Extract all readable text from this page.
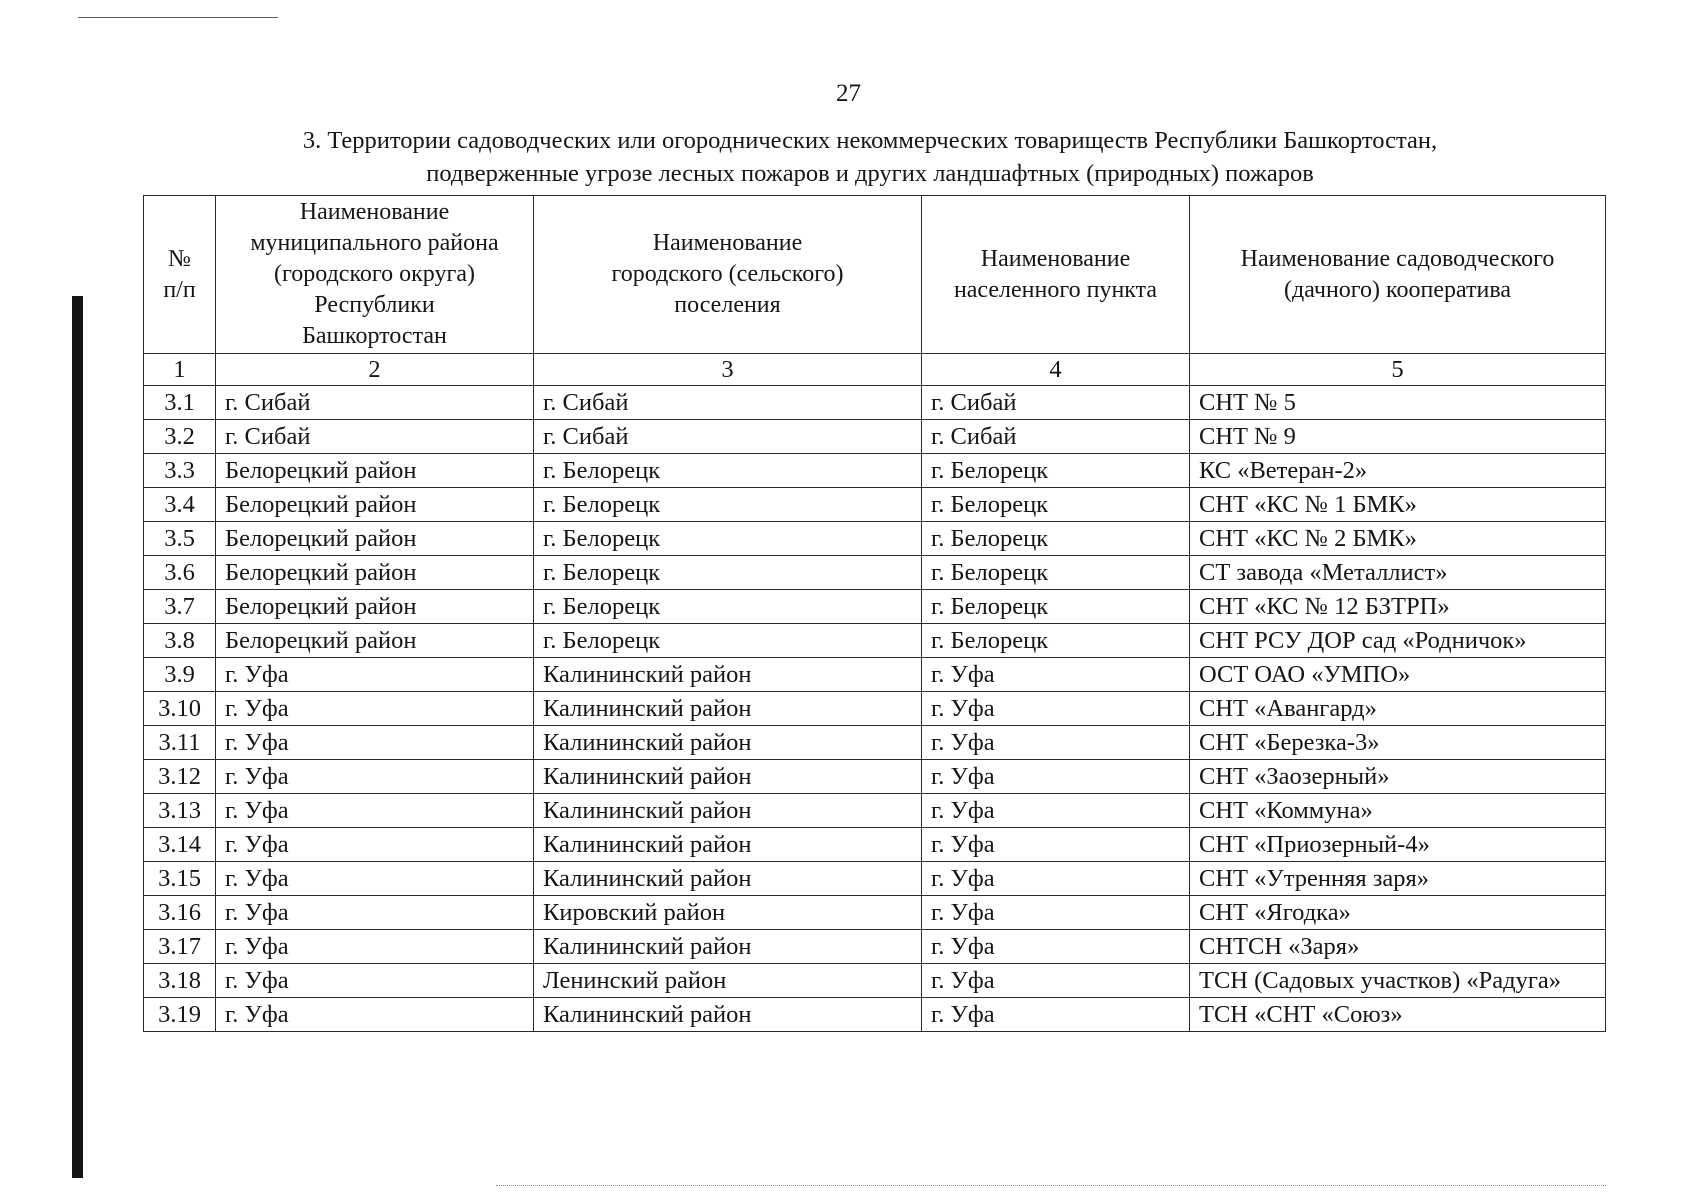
27
3. Территории садоводческих или огороднических некоммерческих товариществ Республики Башкортостан,
подверженные угрозе лесных пожаров и других ландшафтных (природных) пожаров
№
п/п	Наименование
муниципального района
(городского округа)
Республики
Башкортостан	Наименование
городского (сельского)
поселения	Наименование
населенного пункта	Наименование садоводческого
(дачного) кооператива

1	2	3	4	5
3.1	г. Сибай	г. Сибай	г. Сибай	СНТ № 5
3.2	г. Сибай	г. Сибай	г. Сибай	СНТ № 9
3.3	Белорецкий район	г. Белорецк	г. Белорецк	КС «Ветеран-2»
3.4	Белорецкий район	г. Белорецк	г. Белорецк	СНТ «КС № 1 БМК»
3.5	Белорецкий район	г. Белорецк	г. Белорецк	СНТ «КС № 2 БМК»
3.6	Белорецкий район	г. Белорецк	г. Белорецк	СТ завода «Металлист»
3.7	Белорецкий район	г. Белорецк	г. Белорецк	СНТ «КС № 12 БЗТРП»
3.8	Белорецкий район	г. Белорецк	г. Белорецк	СНТ РСУ ДОР сад «Родничок»
3.9	г. Уфа	Калининский район	г. Уфа	ОСТ ОАО «УМПО»
3.10	г. Уфа	Калининский район	г. Уфа	СНТ «Авангард»
3.11	г. Уфа	Калининский район	г. Уфа	СНТ «Березка-3»
3.12	г. Уфа	Калининский район	г. Уфа	СНТ «Заозерный»
3.13	г. Уфа	Калининский район	г. Уфа	СНТ «Коммуна»
3.14	г. Уфа	Калининский район	г. Уфа	СНТ «Приозерный-4»
3.15	г. Уфа	Калининский район	г. Уфа	СНТ «Утренняя заря»
3.16	г. Уфа	Кировский район	г. Уфа	СНТ «Ягодка»
3.17	г. Уфа	Калининский район	г. Уфа	СНТСН «Заря»
3.18	г. Уфа	Ленинский район	г. Уфа	ТСН (Садовых участков) «Радуга»
3.19	г. Уфа	Калининский район	г. Уфа	ТСН «СНТ «Союз»
